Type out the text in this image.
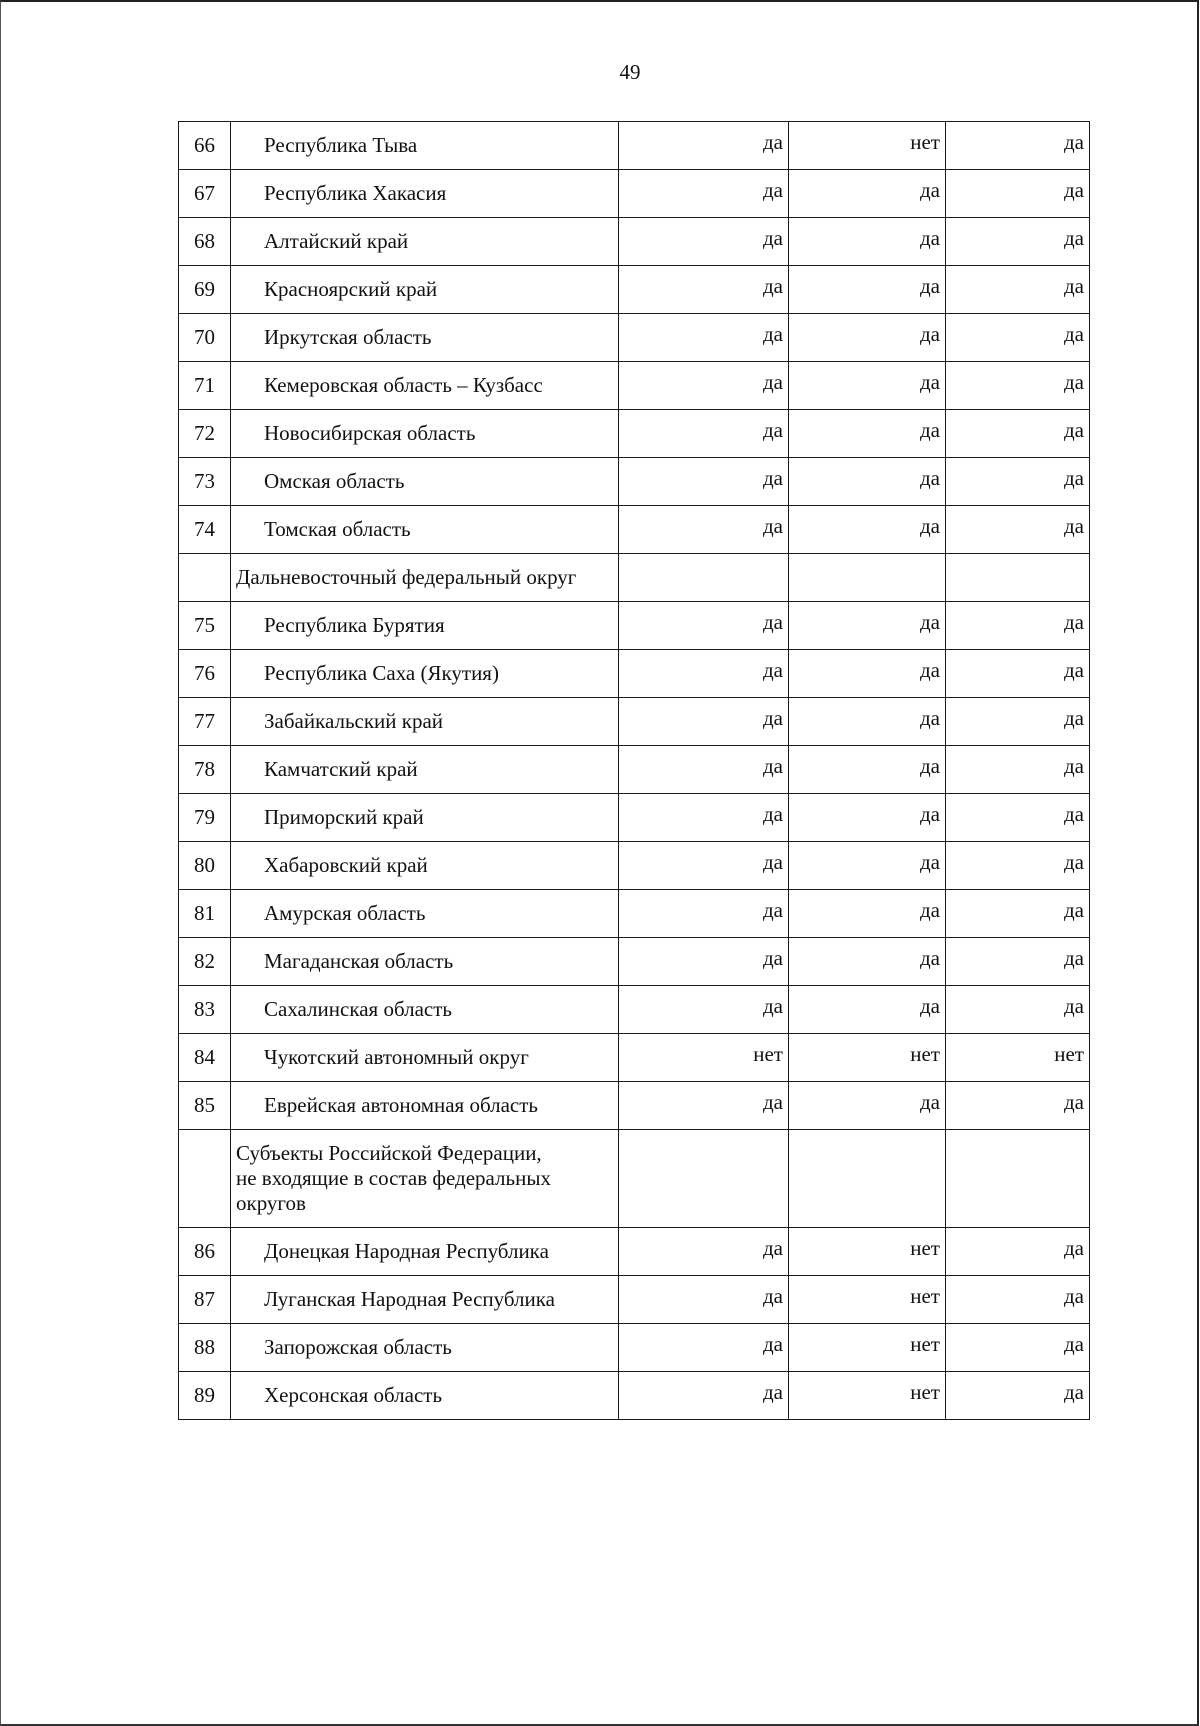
49
66	Республика Тыва	да	нет	да
67	Республика Хакасия	да	да	да
68	Алтайский край	да	да	да
69	Красноярский край	да	да	да
70	Иркутская область	да	да	да
71	Кемеровская область – Кузбасс	да	да	да
72	Новосибирская область	да	да	да
73	Омская область	да	да	да
74	Томская область	да	да	да
	Дальневосточный федеральный округ			
75	Республика Бурятия	да	да	да
76	Республика Саха (Якутия)	да	да	да
77	Забайкальский край	да	да	да
78	Камчатский край	да	да	да
79	Приморский край	да	да	да
80	Хабаровский край	да	да	да
81	Амурская область	да	да	да
82	Магаданская область	да	да	да
83	Сахалинская область	да	да	да
84	Чукотский автономный округ	нет	нет	нет
85	Еврейская автономная область	да	да	да
	Субъекты Российской Федерации,
не входящие в состав федеральных
округов			
86	Донецкая Народная Республика	да	нет	да
87	Луганская Народная Республика	да	нет	да
88	Запорожская область	да	нет	да
89	Херсонская область	да	нет	да
